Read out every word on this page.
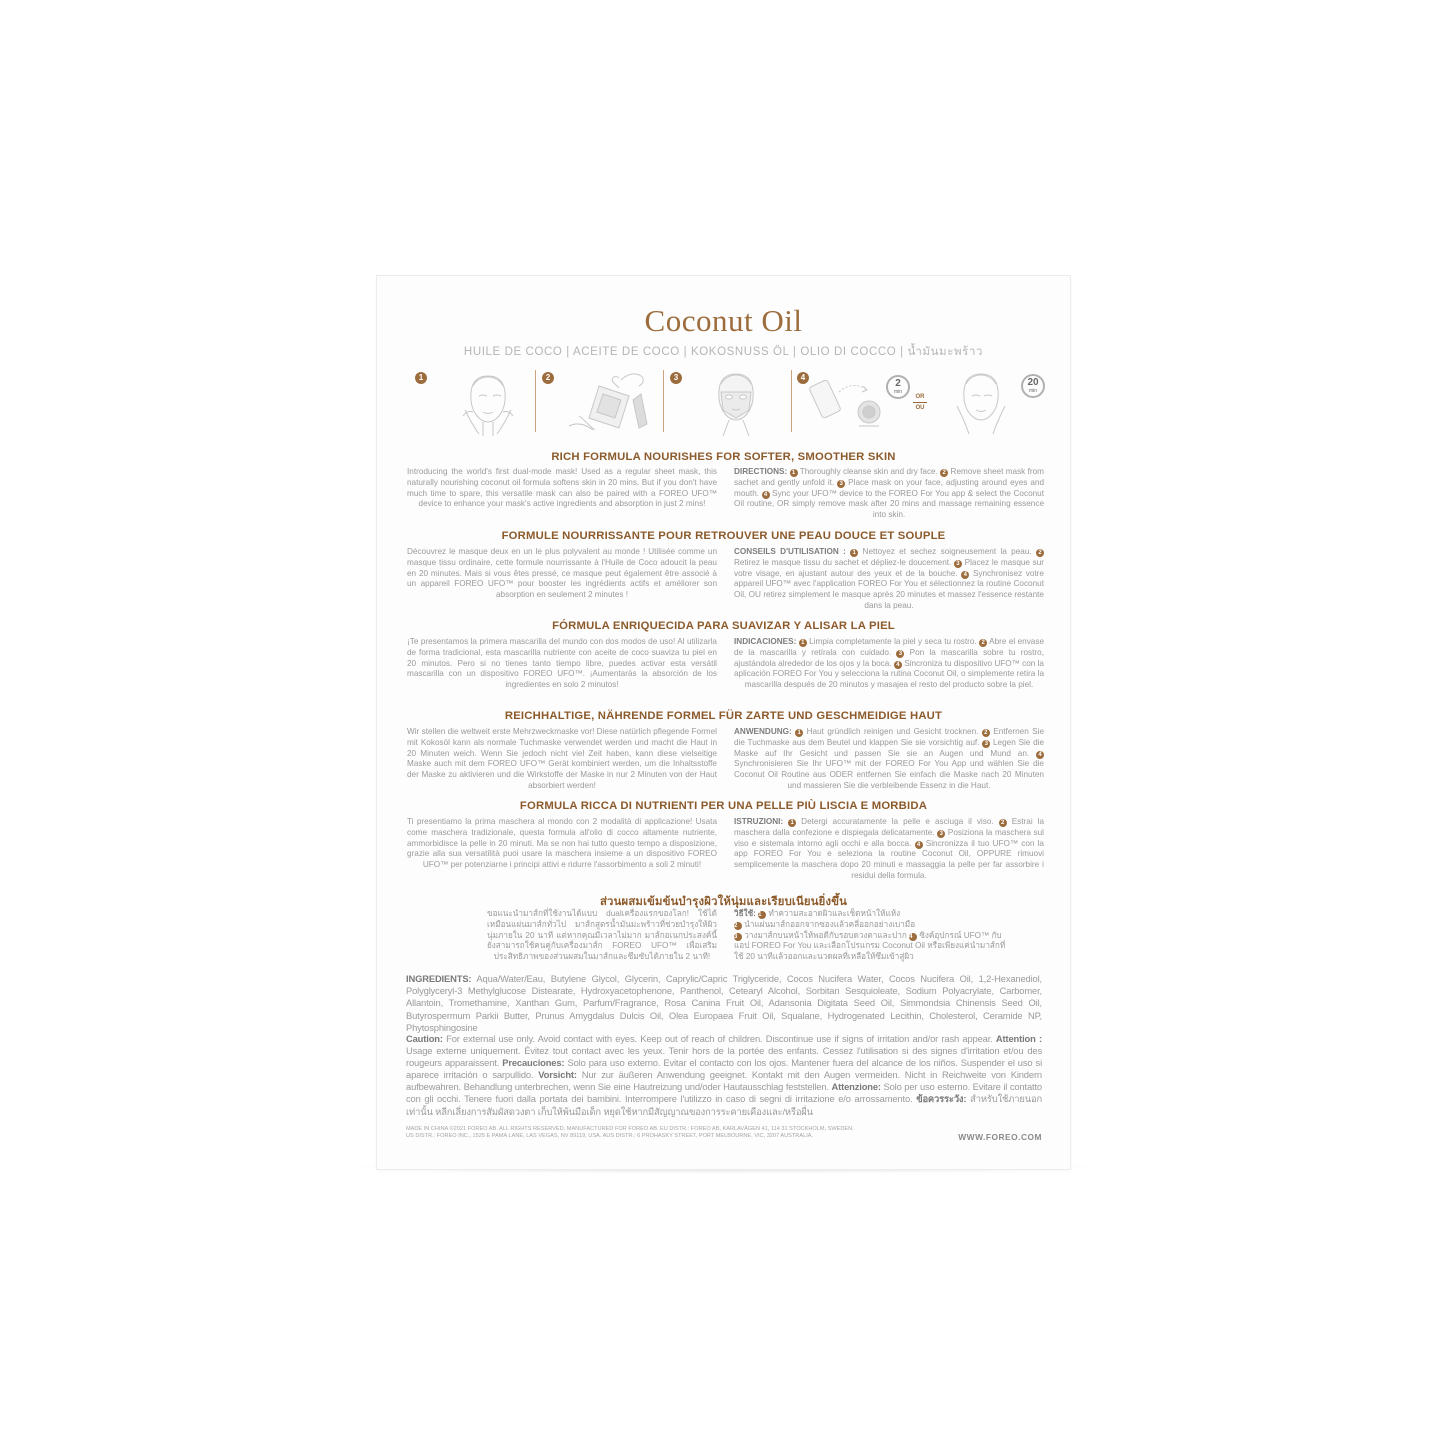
Coconut Oil
HUILE DE COCO | ACEITE DE COCO | KOKOSNUSS ÖL | OLIO DI COCCO | น้ำมันมะพร้าว
1	2	3	4
2
min
OR
OU
20
min
RICH FORMULA NOURISHES FOR SOFTER, SMOOTHER SKIN
Introducing the world's first dual-mode mask! Used as a regular sheet mask, this naturally nourishing coconut oil formula softens skin in 20 mins. But if you don't have much time to spare, this versatile mask can also be paired with a FOREO UFO™ device to enhance your mask's active ingredients and absorption in just 2 mins!
DIRECTIONS: 1 Thoroughly cleanse skin and dry face. 2 Remove sheet mask from sachet and gently unfold it. 3 Place mask on your face, adjusting around eyes and mouth. 4 Sync your UFO™ device to the FOREO For You app & select the Coconut Oil routine, OR simply remove mask after 20 mins and massage remaining essence into skin.
FORMULE NOURRISSANTE POUR RETROUVER UNE PEAU DOUCE ET SOUPLE
Découvrez le masque deux en un le plus polyvalent au monde ! Utilisée comme un masque tissu ordinaire, cette formule nourrissante à l'Huile de Coco adoucit la peau en 20 minutes. Mais si vous êtes pressé, ce masque peut également être associé à un appareil FOREO UFO™ pour booster les ingrédients actifs et améliorer son absorption en seulement 2 minutes !
CONSEILS D'UTILISATION : 1 Nettoyez et sechez soigneusement la peau. 2 Retirez le masque tissu du sachet et dépliez-le doucement. 3 Placez le masque sur votre visage, en ajustant autour des yeux et de la bouche. 4 Synchronisez votre appareil UFO™ avec l'application FOREO For You et sélectionnez la routine Coconut Oil, OU retirez simplement le masque après 20 minutes et massez l'essence restante dans la peau.
FÓRMULA ENRIQUECIDA PARA SUAVIZAR Y ALISAR LA PIEL
¡Te presentamos la primera mascarilla del mundo con dos modos de uso! Al utilizarla de forma tradicional, esta mascarilla nutriente con aceite de coco suaviza tu piel en 20 minutos. Pero si no tienes tanto tiempo libre, puedes activar esta versátil mascarilla con un dispositivo FOREO UFO™. ¡Aumentarás la absorción de los ingredientes en solo 2 minutos!
INDICACIONES: 1 Limpia completamente la piel y seca tu rostro. 2 Abre el envase de la mascarilla y retírala con cuidado. 3 Pon la mascarilla sobre tu rostro, ajustándola alrededor de los ojos y la boca. 4 Sincroniza tu dispositivo UFO™ con la aplicación FOREO For You y selecciona la rutina Coconut Oil, o simplemente retira la mascarilla después de 20 minutos y masajea el resto del producto sobre la piel.
REICHHALTIGE, NÄHRENDE FORMEL FÜR ZARTE UND GESCHMEIDIGE HAUT
Wir stellen die weltweit erste Mehrzweckmaske vor! Diese natürlich pflegende Formel mit Kokosöl kann als normale Tuchmaske verwendet werden und macht die Haut in 20 Minuten weich. Wenn Sie jedoch nicht viel Zeit haben, kann diese vielseitige Maske auch mit dem FOREO UFO™ Gerät kombiniert werden, um die Inhaltsstoffe der Maske zu aktivieren und die Wirkstoffe der Maske in nur 2 Minuten von der Haut absorbiert werden!
ANWENDUNG: 1 Haut gründlich reinigen und Gesicht trocknen. 2 Entfernen Sie die Tuchmaske aus dem Beutel und klappen Sie sie vorsichtig auf. 3 Legen Sie die Maske auf Ihr Gesicht und passen Sie sie an Augen und Mund an. 4 Synchronisieren Sie Ihr UFO™ mit der FOREO For You App und wählen Sie die Coconut Oil Routine aus ODER entfernen Sie einfach die Maske nach 20 Minuten und massieren Sie die verbleibende Essenz in die Haut.
FORMULA RICCA DI NUTRIENTI PER UNA PELLE PIÙ LISCIA E MORBIDA
Ti presentiamo la prima maschera al mondo con 2 modalità di applicazione! Usata come maschera tradizionale, questa formula all'olio di cocco altamente nutriente, ammorbidisce la pelle in 20 minuti. Ma se non hai tutto questo tempo a disposizione, grazie alla sua versatilità puoi usare la maschera insieme a un dispositivo FOREO UFO™ per potenziarne i principi attivi e ridurre l'assorbimento a soli 2 minuti!
ISTRUZIONI: 1 Detergi accuratamente la pelle e asciuga il viso. 2 Estrai la maschera dalla confezione e dispiegala delicatamente. 3 Posiziona la maschera sul viso e sistemala intorno agli occhi e alla bocca. 4 Sincronizza il tuo UFO™ con la app FOREO For You e seleziona la routine Coconut Oil, OPPURE rimuovi semplicemente la maschera dopo 20 minuti e massaggia la pelle per far assorbire i residui della formula.
ส่วนผสมเข้มข้นบำรุงผิวให้นุ่มและเรียบเนียนยิ่งขึ้น
ขอแนะนำมาส์กที่ใช้งานได้แบบ dualเครื่องแรกของโลก! ใช้ได้เหมือนแผ่นมาส์กทั่วไป มาส์กสูตรน้ำมันมะพร้าวที่ช่วยบำรุงให้ผิวนุ่มภายใน 20 นาที แต่หากคุณมีเวลาไม่มาก มาส์กอเนกประสงค์นี้ยังสามารถใช้คนคู่กับเครื่องมาส์ก FOREO UFO™ เพื่อเสริมประสิทธิภาพของส่วนผสมในมาส์กและซึมซับได้ภายใน 2 นาที!
วิธีใช้: 1 ทำความสะอาดผิวและเช็ดหน้าให้แห้ง
2 นำแผ่นมาส์กออกจากซองแล้วคลี่ออกอย่างเบามือ
3 วางมาส์กบนหน้าให้พอดีกับรอบดวงตาและปาก 4 ซิงค์อุปกรณ์ UFO™ กับแอป FOREO For You และเลือกโปรแกรม Coconut Oil หรือเพียงแค่นำมาส์กที่ใช้ 20 นาทีแล้วออกและนวดผลที่เหลือให้ซึมเข้าสู่ผิว
INGREDIENTS: Aqua/Water/Eau, Butylene Glycol, Glycerin, Caprylic/Capric Triglyceride, Cocos Nucifera Water, Cocos Nucifera Oil, 1,2-Hexanediol, Polyglyceryl-3 Methylglucose Distearate, Hydroxyacetophenone, Panthenol, Cetearyl Alcohol, Sorbitan Sesquioleate, Sodium Polyacrylate, Carbomer, Allantoin, Tromethamine, Xanthan Gum, Parfum/Fragrance, Rosa Canina Fruit Oil, Adansonia Digitata Seed Oil, Simmondsia Chinensis Seed Oil, Butyrospermum Parkii Butter, Prunus Amygdalus Dulcis Oil, Olea Europaea Fruit Oil, Squalane, Hydrogenated Lecithin, Cholesterol, Ceramide NP, Phytosphingosine
Caution: For external use only. Avoid contact with eyes. Keep out of reach of children. Discontinue use if signs of irritation and/or rash appear. Attention : Usage externe uniquement. Évitez tout contact avec les yeux. Tenir hors de la portée des enfants. Cessez l'utilisation si des signes d'irritation et/ou des rougeurs apparaissent. Precauciones: Solo para uso externo. Evitar el contacto con los ojos. Mantener fuera del alcance de los niños. Suspender el uso si aparece irritación o sarpullido. Vorsicht: Nur zur äußeren Anwendung geeignet. Kontakt mit den Augen vermeiden. Nicht in Reichweite von Kindern aufbewahren. Behandlung unterbrechen, wenn Sie eine Hautreizung und/oder Hautausschlag feststellen. Attenzione: Solo per uso esterno. Evitare il contatto con gli occhi. Tenere fuori dalla portata dei bambini. Interrompere l'utilizzo in caso di segni di irritazione e/o arrossamento. ข้อควรระวัง: สำหรับใช้ภายนอกเท่านั้น หลีกเลี่ยงการสัมผัสดวงตา เก็บให้พ้นมือเด็ก หยุดใช้หากมีสัญญาณของการระคายเคืองและ/หรือผื่น
MADE IN CHINA ©2021 FOREO AB. ALL RIGHTS RESERVED. MANUFACTURED FOR FOREO AB. EU DISTR.: FOREO AB, KARLAVÄGEN 41, 114 31 STOCKHOLM, SWEDEN.
US DISTR.: FOREO INC., 1525 E PAMA LANE, LAS VEGAS, NV 89119, USA. AUS DISTR.: 6 PROHASKY STREET, PORT MELBOURNE, VIC, 3207 AUSTRALIA.	WWW.FOREO.COM
